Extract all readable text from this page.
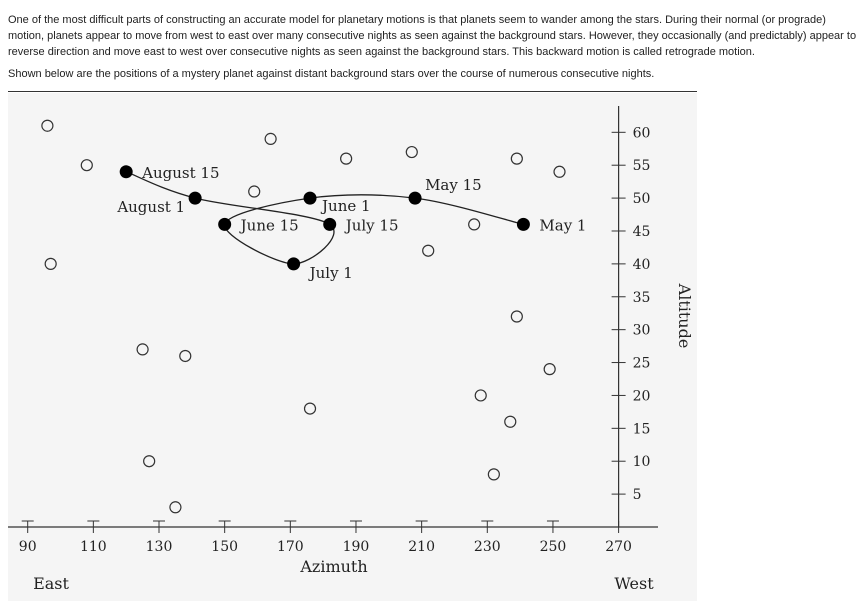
One of the most difficult parts of constructing an accurate model for planetary motions is that planets seem to wander among the stars. During their normal (or prograde) motion, planets appear to move from west to east over many consecutive nights as seen against the background stars. However, they occasionally (and predictably) appear to reverse direction and move east to west over consecutive nights as seen against the background stars. This backward motion is called retrograde motion.

Shown below are the positions of a mystery planet against distant background stars over the course of numerous consecutive nights.

90	110	130	150	170	190	210	230	250	270
5
10
15
20
25
30
35
40
45
50
55
60
May 1
May 15
June 1
June 15
July 1
July 15
August 1
August 15
Azimuth
East	West
Altitude
